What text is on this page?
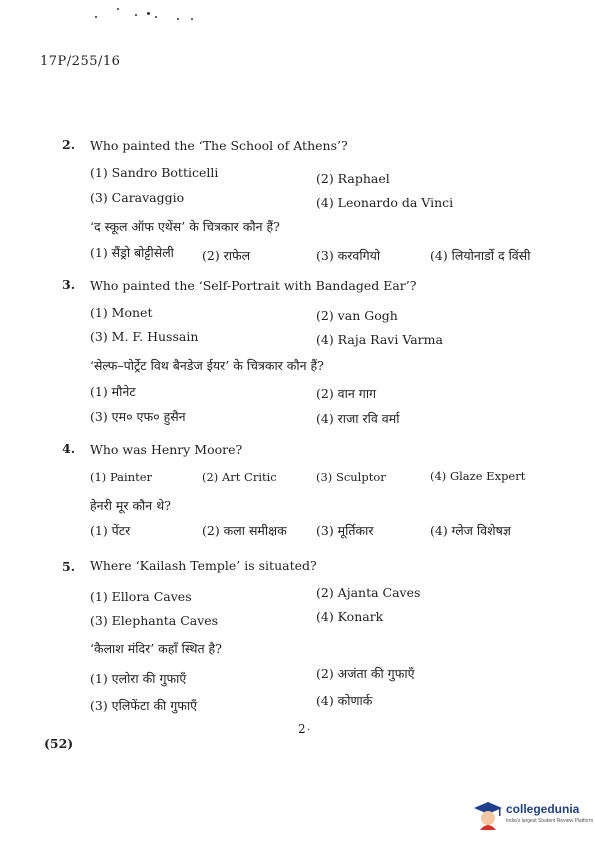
17P/255/16
2. Who painted the ‘The School of Athens’?
(1) Sandro Botticelli	(2) Raphael
(3) Caravaggio	(4) Leonardo da Vinci
‘द स्कूल ऑफ एथेंस’ के चित्रकार कौन हैं?
(1) सैंड्रो बोट्टीसेली (2) राफेल	(3) करवगियो	(4) लियोनार्डो द विंसी
3. Who painted the ‘Self-Portrait with Bandaged Ear’?
(1) Monet	(2) van Gogh
(3) M. F. Hussain	(4) Raja Ravi Varma
‘सेल्फ–पोर्ट्रेट विथ बैनडेज ईयर’ के चित्रकार कौन हैं?
(1) मौनेट	(2) वान गाग
(3) एम० एफ० हुसैन	(4) राजा रवि वर्मा
4. Who was Henry Moore?
(1) Painter	(2) Art Critic	(3) Sculptor	(4) Glaze Expert
हेनरी मूर कौन थे?
(1) पेंटर	(2) कला समीक्षक (3) मूर्तिकार	(4) ग्लेज विशेषज्ञ
5. Where ‘Kailash Temple’ is situated?
(1) Ellora Caves	(2) Ajanta Caves
(3) Elephanta Caves	(4) Konark
‘कैलाश मंदिर’ कहाँ स्थित है?
(1) एलोरा की गुफाएँ	(2) अजंता की गुफाएँ
(3) एलिफेंटा की गुफाएँ	(4) कोणार्क
2 .
(52)
collegedunia
India's largest Student Review Platform
